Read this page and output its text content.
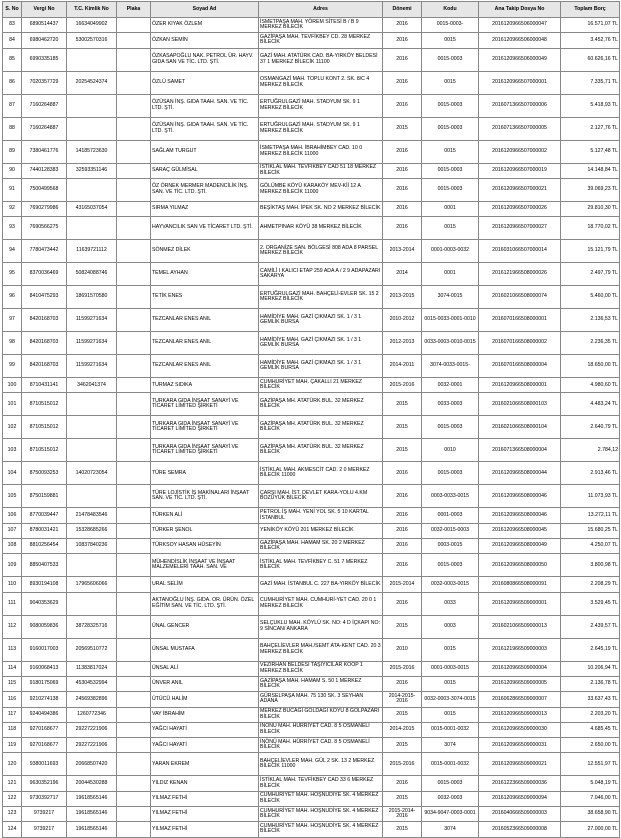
S. No	Vergi No	T.C. Kimlik No	Plaka	Soyad Ad	Adres	Dönemi	Kodu	Ana Takip Dosya No	Toplam Borç
83	6890514437	16634049902		ÖZER KIYAK ÖZLEM	İSMETPAŞA MAH. YÖREM SİTESİ B / B 9 MERKEZ BİLECİK	2016	0015-0003-	2016120966506000047	16.571,07 TL
84	6980462720	53002570316		ÖZKAN SEMİN	GAZİPAŞA MAH. TEVFİKBEY CD. 28 MERKEZ BİLECİK	2016	0015	2016120966506000048	3.452,76 TL
85	6990335185			ÖZKASAPOĞLU NAK. PETROL ÜR. HAYV. GIDA SAN VE TİC. LTD. ŞTİ.	GAZİ MAH. ATATÜRK CAD. BA-YIRKÖY BELDESİ 37 1 MERKEZ BİLECİK 11100	2016	0015-0003	2016120966506000049	60.626,16 TL
86	7020357729	20254524374		ÖZLÜ SAMET	OSMANGAZİ MAH. TOPLU KONT 2. SK. 8/C 4 MERKEZ BİLECİK	2016	0015	2016120966507000001	7.335,71 TL
87	7160264887			ÖZÜSAN İNŞ. GIDA TAAH. SAN. VE TİC. LTD. ŞTİ.	ERTUĞRULGAZİ MAH. STADYUM SK. 9 1 MERKEZ BİLECİK	2016	0015-0003	2016071366507000006	5.418,93 TL
88	7160264887			ÖZÜSAN İNŞ. GIDA TAAH. SAN. VE TİC. LTD. ŞTİ.	ERTUĞRULGAZİ MAH. STADYUM SK. 9 1 MERKEZ BİLECİK	2015	0015-0003	2016071366507000005	2.127,76 TL
89	7380461776	14185723630		SAĞLAM TURGUT	İSMETPAŞA MAH. İBRAHİMBEY CAD. 10 0 MERKEZ BİLECİK 11000	2016	0015	2016120966507000002	5.127,48 TL
90	7440128383	32593351146		SARAÇ GÜLMİSAL	İSTİKLAL MAH. TEVFİKBEY CAD 51 18 MERKEZ BİLECİK	2016	0015-0003	2016120966507000019	14.148,84 TL
91	7500499568			ÖZ ÖRNEK MERMER MADENCİLİK İNŞ. SAN. VE TİC. LTD. ŞTİ.	GÖLÜMBE KÖYÜ KARAKÖY MEV-Kİİ 12 A MERKEZ BİLECİK 11000	2016	0015-0003	2016120966507000021	39.069,23 TL
92	7690279986	43165037054		SIRMA YILMAZ	BEŞİKTAŞ MAH. İPEK SK. NO 2 MERKEZ BİLECİK	2016	0001	2016120966507000026	29.810,30 TL
93	7690566275			HAYVANCILIK SAN VE TİCARET LTD. ŞTİ.	AHMETPINAR KÖYÜ 38 MERKEZ BİLECİK	2016	0015	2016120966507000027	18.770,02 TL
94	7780473442	11639721112		SÖNMEZ DİLEK	2. ORGANİZE SAN. BÖLGESİ 808 ADA 8 PARSEL MERKEZ BİLECİK	2013-2014	0001-0003-0032	2016031066507000014	15.121,79 TL
95	8370036469	50824088746		TEMEL AYHAN	CAMİLİ I KALICI ETAP 259 ADA A / 2 9 ADAPAZARI SAKARYA	2014	0001	2016121966508000026	2.497,79 TL
96	8410475293	18691570580		TETİK ENES	ERTUĞRULGAZİ MAH. BAHÇELİ-EVLER SK. 15 2 MERKEZ BİLECİK	2013-2015	3074-0015	2016021066508000074	5.460,00 TL
97	8420168703	11599271634		TEZCANLAR ENES ANIL	HAMİDİYE MAH. GAZİ ÇIKMAZI SK. 1 / 3 1 GEMLİK BURSA	2010-2012	0015-0033-0001-0010	2016070166508000001	2.136,53 TL
98	8420168703	11599271634		TEZCANLAR ENES ANIL	HAMİDİYE MAH. GAZİ ÇIKMAZI SK. 1 / 3 1 GEMLİK BURSA	2012-2013	0033-0003-0010-0015	2016070166508000002	2.236,35 TL
99	8420168703	11599271634		TEZCANLAR ENES ANIL	HAMİDİYE MAH. GAZİ ÇIKMAZI SK. 1 / 3 1 GEMLİK BURSA	2014-2011	3074-0033-0015-	2016070166508000004	18.650,00 TL
100	8710431141	3462041374		TURMAZ SIDIKA	CUMHURİYET MAH. ÇAKALLI 21 MERKEZ BİLECİK	2015-2016	0032-0001	2016120966508000001	4.980,60 TL
101	8710515012			TURKARA GIDA İNŞAAT SANAYİ VE TİCARET LİMİTED ŞİRKETİ	GAZİPAŞA MH. ATATÜRK BUL. 32 MERKEZ BİLECİK	2015	0033-0003	2016021066508000103	4.483,24 TL
102	8710515012			TURKARA GIDA İNŞAAT SANAYİ VE TİCARET LİMİTED ŞİRKETİ	GAZİPAŞA MH. ATATÜRK BUL. 32 MERKEZ BİLECİK	2015	0015-0003	2016021066508000104	2.640,79 TL
103	8710515012			TURKARA GIDA İNŞAAT SANAYİ VE TİCARET LİMİTED ŞİRKETİ	GAZİPAŞA MH. ATATÜRK BUL. 32 MERKEZ BİLECİK	2015	0010	2016071366508000004	2.784,12
104	8750093253	14020723054		TÜRE SEMRA	İSTİKLAL MAH. AKMESCİT CAD. 2 0 MERKEZ BİLECİK 11000	2016	0015-0003	2016120966508000044	2.913,46 TL
105	8750159881			TÜRE LOJİSTİK İŞ MAKİNALARI İNŞAAT SAN. VE TİC. LTD. ŞTİ.	ÇARŞI MAH. İST. DEVLET KARA-YOLU 4.KM BOZÜYÜK BİLECİK	2016	0003-0033-0015	2016120966508000046	11.073,93 TL
106	8770039447	21478483546		TÜRKEN ALİ	PETROL İŞ MAH. YENİ YOL SK. 5 10 KARTAL İSTANBUL	2016	0001-0003	2016120966508000046	13.272,11 TL
107	8780031421	15328685266		TÜRKER ŞENOL	YENİKÖY KÖYÜ 201 MERKEZ BİLECİK	2016	0032-0015-0003	2016120966508000045	15.680,25 TL
108	8810256454	10837840236		TÜRKSOY HASAN HÜSEYİN	GAZİPAŞA MAH. HAMAM SK. 20 2 MERKEZ BİLECİK	2016	0003-0015	2016120966508000049	4.250,07 TL
109	8850407533			MÜHENDİSLİK İNŞAAT VE İNŞAAT MALZEMELERİ TAAH. SAN. VE	İSTİKLAL MAH. TEVFİKBEY C. 51 7 MERKEZ BİLECİK	2016	0015-0003	2016120966508000050	3.800,98 TL
110	8930194108	17965606066		URAL SELİM	GAZİ MAH. İSTANBUL C. 227 BA-YIRKÖY BİLECİK	2015-2014	0032-0003-0015	2016080866508000091	2.208,29 TL
111	9040353629			AKTANOĞLU İNŞ. GIDA. OR. ÜRÜN. ÖZEL EĞİTİM SAN. VE TİC. LTD. ŞTİ.	CUMHURİYET MAH. CUMHURİ-YET CAD. 20 0 1 MERKEZ BİLECİK	2016	0033	2016120966509000001	3.529,45 TL
112	9080059836	38728325716		ÜNAL GENCER	SELÇUKLU MAH. KÖYLÜ SK. NO: 4 D İÇKAPI NO: 9 SİNCAN/ ANKARA	2015	0003	2016021066509000013	2.439,57 TL
113	9160017003	20569510772		ÜNSAL MUSTAFA	BAHÇELİEVLER MAH./SEMT ATA-KENT CAD. 20 3 MERKEZ BİLECİK	2010	0015	2016121966509000003	2.645,19 TL
114	9160068413	11383817024		ÜNSAL ALİ	VEZİRHAN BELDESİ TAŞIYICILAR KOOP 1 MERKEZ BİLECİK	2015-2016	0001-0003-0015	2016120966509000004	10.206,94 TL
115	9180175069	45304532994		ÜNVER ANIL	GAZİPAŞA MAH. HAMAM S. 50 1 MERKEZ BİLECİK	2016	0015	2016120966509000005	2.136,78 TL
116	9210274138	24569382896		ÜTÜCÜ HALİM	GÜRSELPAŞA MAH. 75 130 SK. 3 SEYHAN ADANA	2014-2015-2016	0032-0003-3074-0015	2016062866509000007	33.637,43 TL
117	9240494386	1260772346		VAY İBRAHİM	MERKEZ BUCAĞI GÖLDAĞI KÖYÜ 8 GÖLPAZARI BİLECİK	2015	0015	2016120966509000013	2.203,20 TL
118	9270168677	29227221906		YAĞCI HAYATİ	İNÖNÜ MAH. HÜRRİYET CAD. 8 5 OSMANELİ BİLECİK	2014-2015	0015-0001-0032	2016120966509000030	4.685,45 TL
119	9270168677	29227221906		YAĞCI HAYATİ	İNÖNÜ MAH. HÜRRİYET CAD. 8 5 OSMANELİ BİLECİK	2015	3074	2016120966509000031	2.650,00 TL
120	9380011693	20668507420		YARAN EKREM	BAHÇELİEVLER MAH. GÜL 2 SK. 13 2 MERKEZ BİLECİK 11000	2015-2016	0015-0001-0032	2016120966509000021	12.551,97 TL
121	9630352196	20044530288		YILDIZ KENAN	İSTİKLAL MAH. TEVFİKBEY CAD 33 6 MERKEZ BİLECİK	2016	0015-0003	2016122366509000036	5.048,19 TL
122	9730392717	19618565146		YILMAZ FETHİ	CUMHURİYET MAH. HOŞNUDİYE SK. 4 MERKEZ BİLECİK	2015	0032-0003	2016120966509000094	7.046,00 TL
123	9739217	19618565146		YILMAZ FETHİ	CUMHURİYET MAH. HOŞNUDİYE SK. 4 MERKEZ BİLECİK	2015-2014-2016	9034-9047-0003-0001	2016040666509000003	38.658,90 TL
124	9739217	19618565146		YILMAZ FETHİ	CUMHURİYET MAH. HOŞNUDİYE SK. 4 MERKEZ BİLECİK	2015	3074	2016052366509000008	27.000,00 TL
